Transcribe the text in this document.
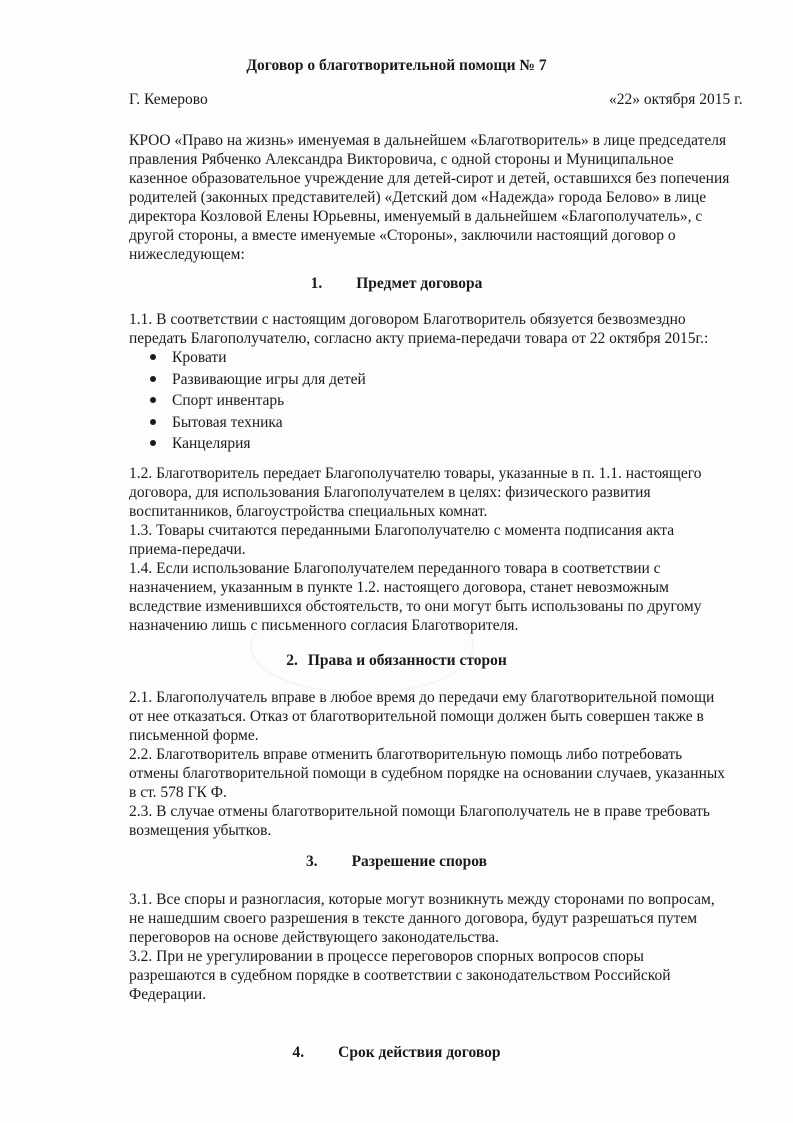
Договор о благотворительной помощи № 7
Г. Кемерово	«22» октября 2015 г.
КРОО «Право на жизнь» именуемая в дальнейшем «Благотворитель» в лице председателя
правления Рябченко Александра Викторовича, с одной стороны и Муниципальное
казенное образовательное учреждение для детей-сирот и детей, оставшихся без попечения
родителей (законных представителей) «Детский дом «Надежда» города Белово» в лице
директора Козловой Елены Юрьевны, именуемый в дальнейшем «Благополучатель», с
другой стороны, а вместе именуемые «Стороны», заключили настоящий договор о
нижеследующем:
1. Предмет договора
1.1. В соответствии с настоящим договором Благотворитель обязуется безвозмездно
передать Благополучателю, согласно акту приема-передачи товара от 22 октября 2015г.:
Кровати
Развивающие игры для детей
Спорт инвентарь
Бытовая техника
Канцелярия
1.2. Благотворитель передает Благополучателю товары, указанные в п. 1.1. настоящего
договора, для использования Благополучателем в целях: физического развития
воспитанников, благоустройства специальных комнат.
1.3. Товары считаются переданными Благополучателю с момента подписания акта
приема-передачи.
1.4. Если использование Благополучателем переданного товара в соответствии с
назначением, указанным в пункте 1.2. настоящего договора, станет невозможным
вследствие изменившихся обстоятельств, то они могут быть использованы по другому
назначению лишь с письменного согласия Благотворителя.
2. Права и обязанности сторон
2.1. Благополучатель вправе в любое время до передачи ему благотворительной помощи
от нее отказаться. Отказ от благотворительной помощи должен быть совершен также в
письменной форме.
2.2. Благотворитель вправе отменить благотворительную помощь либо потребовать
отмены благотворительной помощи в судебном порядке на основании случаев, указанных
в ст. 578 ГК Ф.
2.3. В случае отмены благотворительной помощи Благополучатель не в праве требовать
возмещения убытков.
3. Разрешение споров
3.1. Все споры и разногласия, которые могут возникнуть между сторонами по вопросам,
не нашедшим своего разрешения в тексте данного договора, будут разрешаться путем
переговоров на основе действующего законодательства.
3.2. При не урегулировании в процессе переговоров спорных вопросов споры
разрешаются в судебном порядке в соответствии с законодательством Российской
Федерации.
4. Срок действия договор
